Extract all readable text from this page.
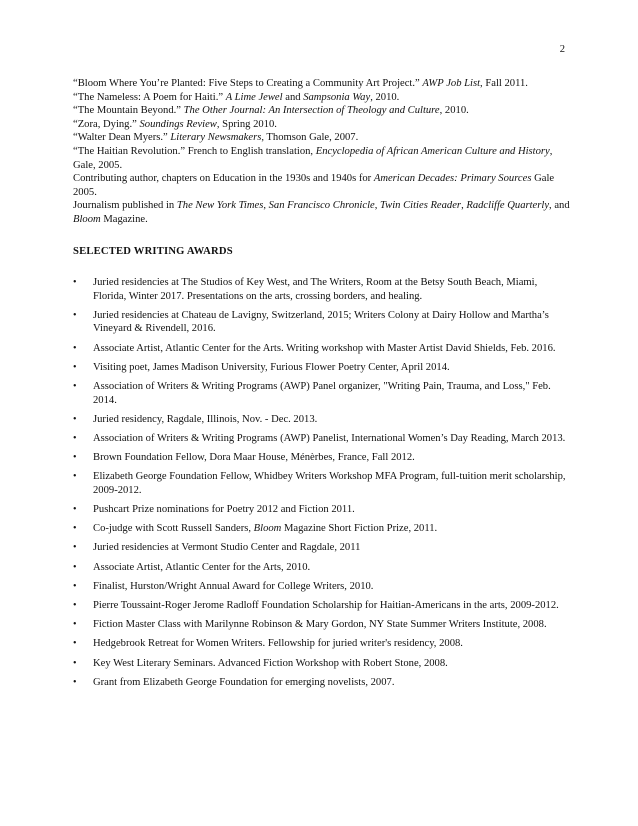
2

“Bloom Where You’re Planted: Five Steps to Creating a Community Art Project.” AWP Job List, Fall 2011.

“The Nameless: A Poem for Haiti.” A Lime Jewel and Sampsonia Way, 2010.

“The Mountain Beyond.” The Other Journal: An Intersection of Theology and Culture, 2010.

“Zora, Dying.” Soundings Review, Spring 2010.

“Walter Dean Myers.” Literary Newsmakers, Thomson Gale, 2007.

“The Haitian Revolution.” French to English translation, Encyclopedia of African American Culture and History, Gale, 2005.

Contributing author, chapters on Education in the 1930s and 1940s for American Decades: Primary Sources Gale 2005.

Journalism published in The New York Times, San Francisco Chronicle, Twin Cities Reader, Radcliffe Quarterly, and Bloom Magazine.

SELECTED WRITING AWARDS
• Juried residencies at The Studios of Key West, and The Writers, Room at the Betsy South Beach, Miami, Florida, Winter 2017. Presentations on the arts, crossing borders, and healing.
• Juried residencies at Chateau de Lavigny, Switzerland, 2015; Writers Colony at Dairy Hollow and Martha’s Vineyard & Rivendell, 2016.
• Associate Artist, Atlantic Center for the Arts. Writing workshop with Master Artist David Shields, Feb. 2016.
• Visiting poet, James Madison University, Furious Flower Poetry Center, April 2014.
• Association of Writers & Writing Programs (AWP) Panel organizer, "Writing Pain, Trauma, and Loss," Feb. 2014.
• Juried residency, Ragdale, Illinois, Nov. - Dec. 2013.
• Association of Writers & Writing Programs (AWP) Panelist, International Women’s Day Reading, March 2013.
• Brown Foundation Fellow, Dora Maar House, Ménèrbes, France, Fall 2012.
• Elizabeth George Foundation Fellow, Whidbey Writers Workshop MFA Program, full-tuition merit scholarship, 2009-2012.
• Pushcart Prize nominations for Poetry 2012 and Fiction 2011.
• Co-judge with Scott Russell Sanders, Bloom Magazine Short Fiction Prize, 2011.
• Juried residencies at Vermont Studio Center and Ragdale, 2011
• Associate Artist, Atlantic Center for the Arts, 2010.
• Finalist, Hurston/Wright Annual Award for College Writers, 2010.
• Pierre Toussaint-Roger Jerome Radloff Foundation Scholarship for Haitian-Americans in the arts, 2009-2012.
• Fiction Master Class with Marilynne Robinson & Mary Gordon, NY State Summer Writers Institute, 2008.
• Hedgebrook Retreat for Women Writers. Fellowship for juried writer's residency, 2008.
• Key West Literary Seminars. Advanced Fiction Workshop with Robert Stone, 2008.
• Grant from Elizabeth George Foundation for emerging novelists, 2007.
